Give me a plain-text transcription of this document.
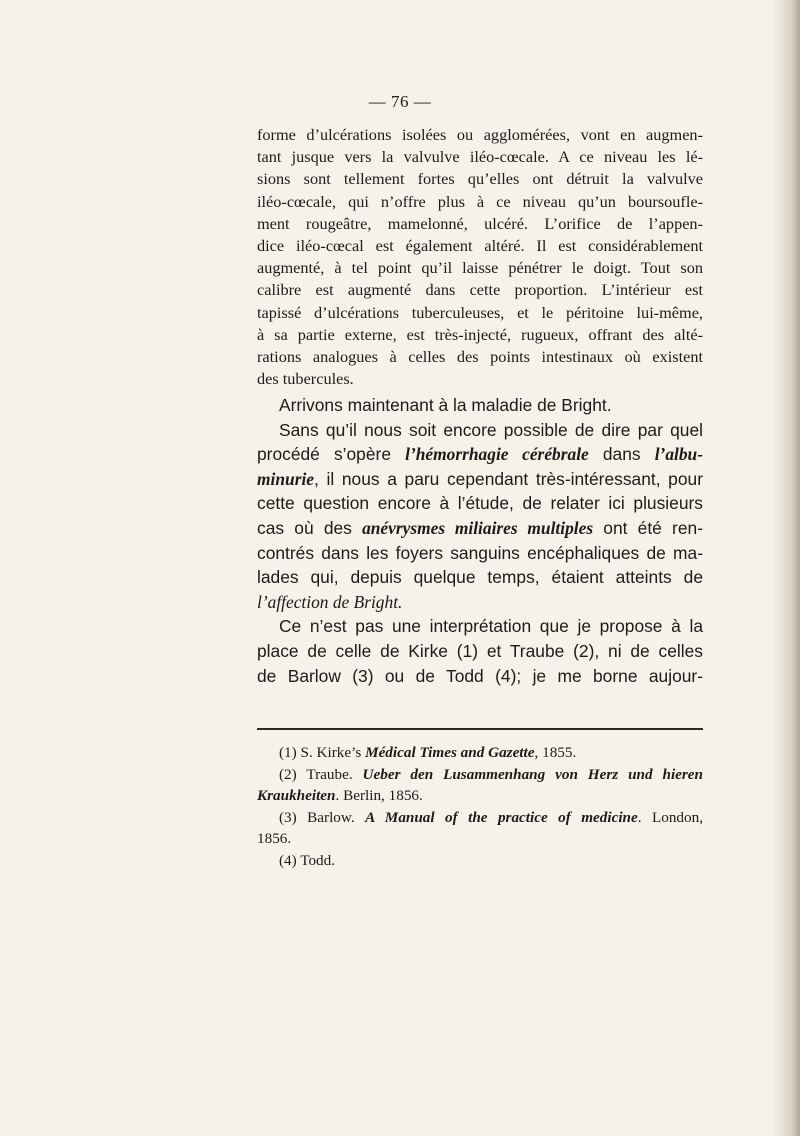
— 76 —
forme d’ulcérations isolées ou agglomérées, vont en augmen-
tant jusque vers la valvulve iléo-cœcale. A ce niveau les lé-
sions sont tellement fortes qu’elles ont détruit la valvulve
iléo-cœcale, qui n’offre plus à ce niveau qu’un boursoufle-
ment rougeâtre, mamelonné, ulcéré. L’orifice de l’appen-
dice iléo-cœcal est également altéré. Il est considérablement
augmenté, à tel point qu’il laisse pénétrer le doigt. Tout son
calibre est augmenté dans cette proportion. L’intérieur est
tapissé d’ulcérations tuberculeuses, et le péritoine lui-même,
à sa partie externe, est très-injecté, rugueux, offrant des alté-
rations analogues à celles des points intestinaux où existent
des tubercules.
Arrivons maintenant à la maladie de Bright.
Sans qu’il nous soit encore possible de dire par quel
procédé s’opère l’hémorrhagie cérébrale dans l’albu-
minurie, il nous a paru cependant très-intéressant, pour
cette question encore à l’étude, de relater ici plusieurs
cas où des anévrysmes miliaires multiples ont été ren-
contrés dans les foyers sanguins encéphaliques de ma-
lades qui, depuis quelque temps, étaient atteints de
l’affection de Bright.
Ce n’est pas une interprétation que je propose à la
place de celle de Kirke (1) et Traube (2), ni de celles
de Barlow (3) ou de Todd (4); je me borne aujour-
(1) S. Kirke’s Médical Times and Gazette, 1855.
(2) Traube. Ueber den Lusammenhang von Herz und hieren
Kraukheiten. Berlin, 1856.
(3) Barlow. A Manual of the practice of medicine. London,
1856.
(4) Todd.
